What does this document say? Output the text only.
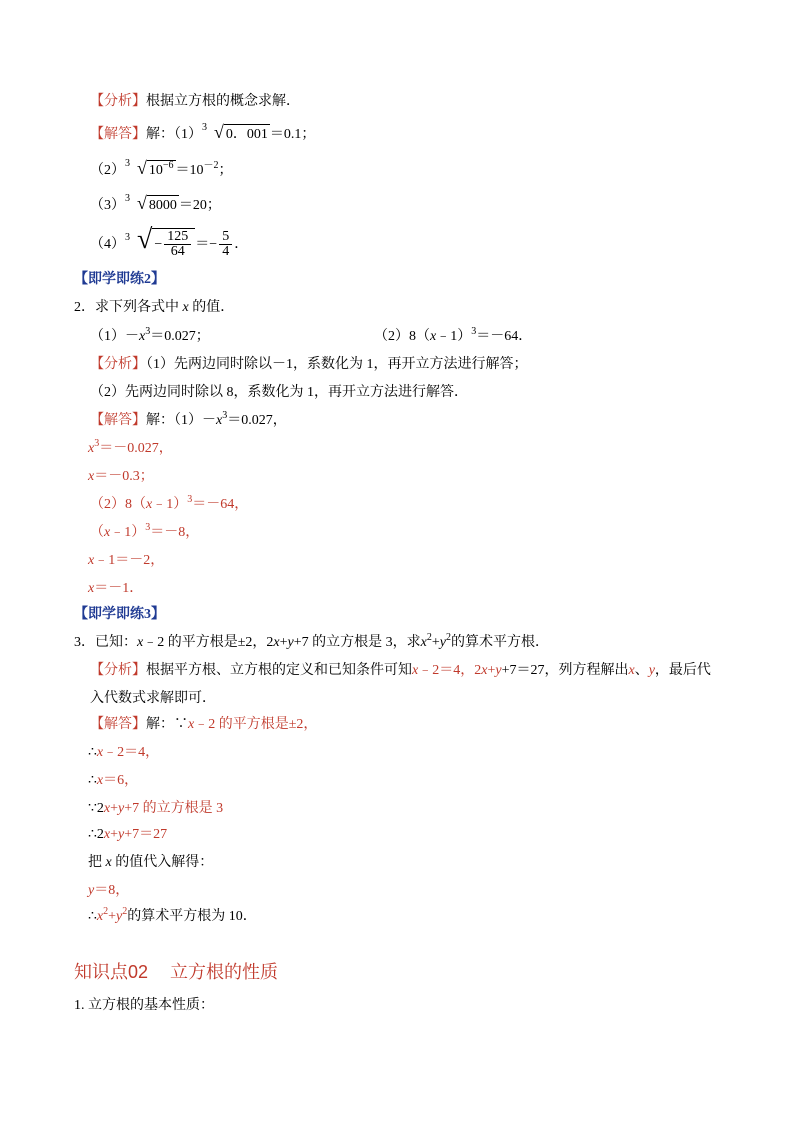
【分析】根据立方根的概念求解．
【解答】解：（1） 3 √ 0．001 ＝0.1；
（2） 3 √ $10^{-6} =10^{-2}$；
（3） 3 √ 8000 ＝20；
（4） 3 √ − $\frac{125}{64} =- \frac{5}{4}$ ．
【即学即练2】
2．求下列各式中 x 的值．
$(1)-x^3=0.027$；	（2）8（x﹣1）$^3$＝－64．
【分析】（1）先两边同时除以－1，系数化为 1，再开立方法进行解答；
（2）先两边同时除以 8，系数化为 1，再开立方法进行解答．
【解答】解：$(1)-x^3=0.027$，
$x^3=-0.027$，
x＝－0.3；
（2）8（x﹣1）$^3$＝－64，
（x﹣1）$^3$＝－8，
x﹣1＝－2，
x＝－1．
【即学即练3】
3．已知：x﹣2 的平方根是±2，2x+y+7 的立方根是 3，求$x^2+y^2$的算术平方根．
【分析】根据平方根、立方根的定义和已知条件可知x﹣2＝4，2x+y+7＝27，列方程解出x、y，最后代
入代数式求解即可．
【解答】解：∵x﹣2 的平方根是±2，
∴x﹣2＝4，
∴x＝6，
∵2x+y+7 的立方根是 3
∴2x+y+7＝27
把 x 的值代入解得：
y＝8，
$\therefore x^2+y^2$的算术平方根为 10．
知识点02 立方根的性质
1. 立方根的基本性质：
